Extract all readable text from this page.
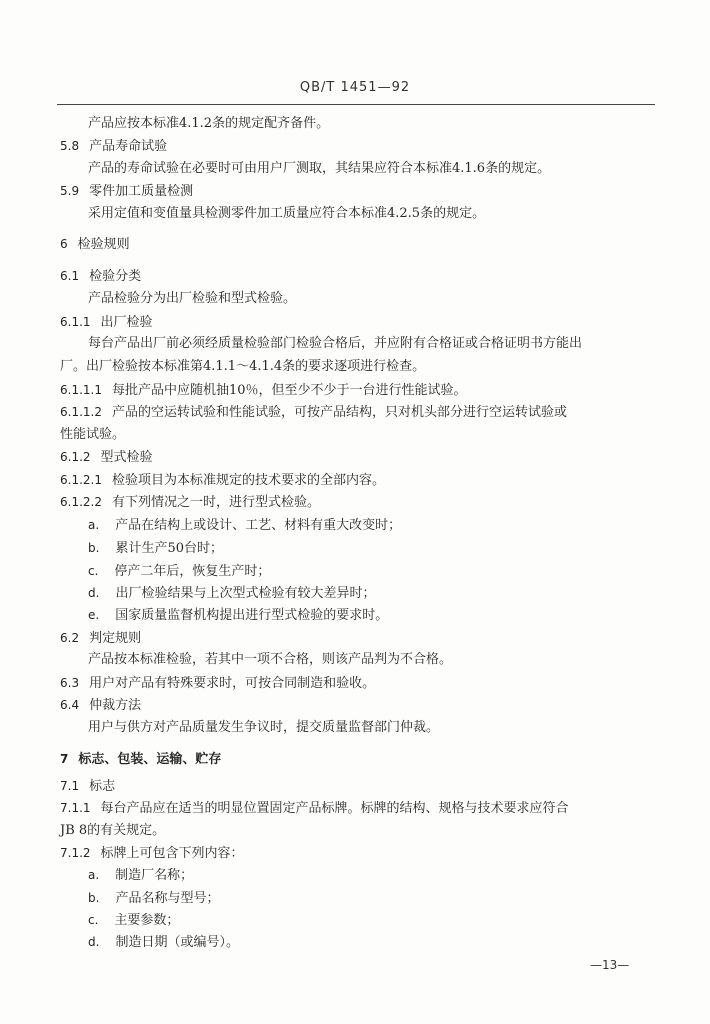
QB/T 1451—92
产品应按本标准4.1.2条的规定配齐备件。
5.8 产品寿命试验
产品的寿命试验在必要时可由用户厂测取，其结果应符合本标准4.1.6条的规定。
5.9 零件加工质量检测
采用定值和变值量具检测零件加工质量应符合本标准4.2.5条的规定。
6 检验规则
6.1 检验分类
产品检验分为出厂检验和型式检验。
6.1.1 出厂检验
每台产品出厂前必须经质量检验部门检验合格后，并应附有合格证或合格证明书方能出
厂。出厂检验按本标准第4.1.1～4.1.4条的要求逐项进行检查。
6.1.1.1 每批产品中应随机抽10％，但至少不少于一台进行性能试验。
6.1.1.2 产品的空运转试验和性能试验，可按产品结构，只对机头部分进行空运转试验或
性能试验。
6.1.2 型式检验
6.1.2.1 检验项目为本标准规定的技术要求的全部内容。
6.1.2.2 有下列情况之一时，进行型式检验。
a. 产品在结构上或设计、工艺、材料有重大改变时；
b. 累计生产50台时；
c. 停产二年后，恢复生产时；
d. 出厂检验结果与上次型式检验有较大差异时；
e. 国家质量监督机构提出进行型式检验的要求时。
6.2 判定规则
产品按本标准检验，若其中一项不合格，则该产品判为不合格。
6.3 用户对产品有特殊要求时，可按合同制造和验收。
6.4 仲裁方法
用户与供方对产品质量发生争议时，提交质量监督部门仲裁。
7 标志、包装、运输、贮存
7.1 标志
7.1.1 每台产品应在适当的明显位置固定产品标牌。标牌的结构、规格与技术要求应符合
JB 8的有关规定。
7.1.2 标牌上可包含下列内容：
a. 制造厂名称；
b. 产品名称与型号；
c. 主要参数；
d. 制造日期（或编号）。
—13—
